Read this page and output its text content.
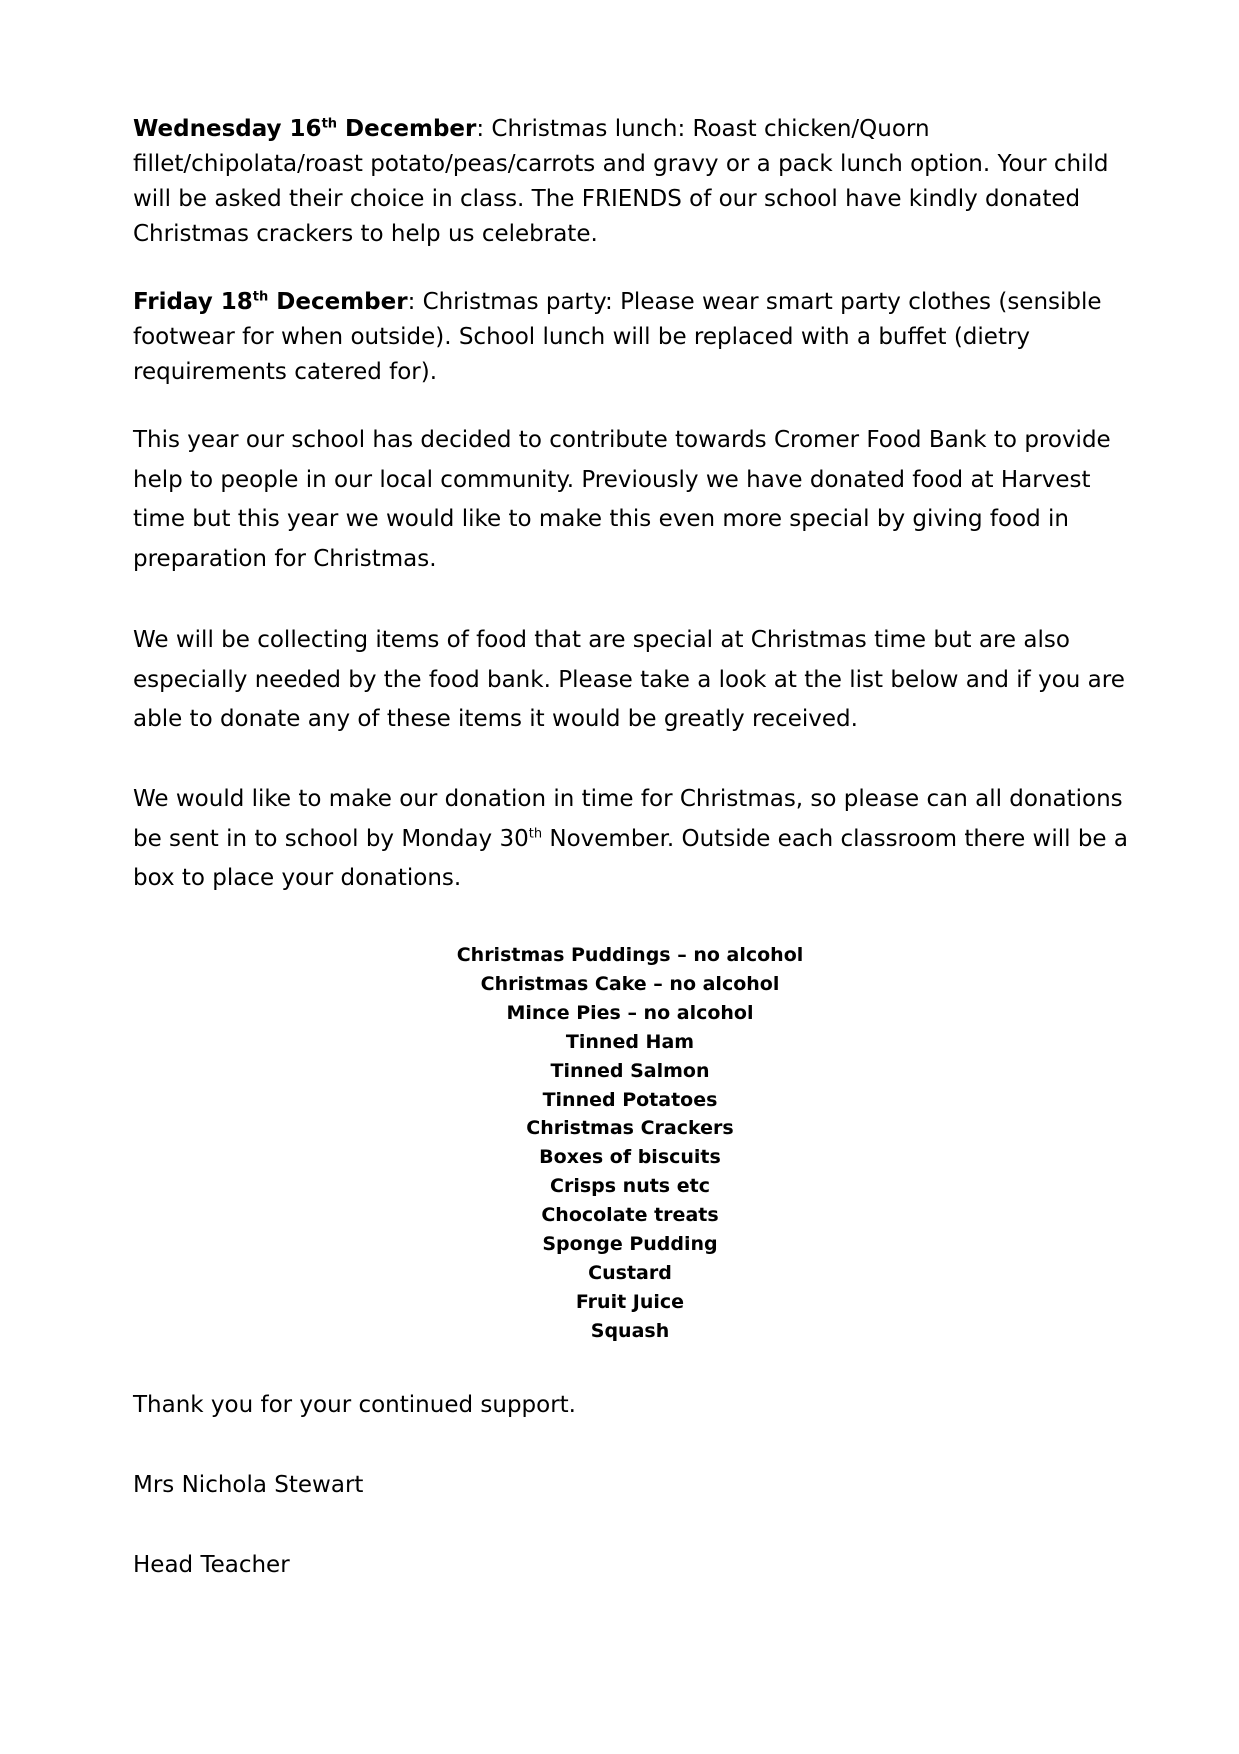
Wednesday 16th December: Christmas lunch: Roast chicken/Quorn fillet/chipolata/roast potato/peas/carrots and gravy or a pack lunch option. Your child will be asked their choice in class. The FRIENDS of our school have kindly donated Christmas crackers to help us celebrate.

Friday 18th December: Christmas party: Please wear smart party clothes (sensible footwear for when outside). School lunch will be replaced with a buffet (dietry requirements catered for).

This year our school has decided to contribute towards Cromer Food Bank to provide help to people in our local community. Previously we have donated food at Harvest time but this year we would like to make this even more special by giving food in preparation for Christmas.

We will be collecting items of food that are special at Christmas time but are also especially needed by the food bank. Please take a look at the list below and if you are able to donate any of these items it would be greatly received.

We would like to make our donation in time for Christmas, so please can all donations be sent in to school by Monday 30th November. Outside each classroom there will be a box to place your donations.

Christmas Puddings – no alcohol
Christmas Cake – no alcohol
Mince Pies – no alcohol
Tinned Ham
Tinned Salmon
Tinned Potatoes
Christmas Crackers
Boxes of biscuits
Crisps nuts etc
Chocolate treats
Sponge Pudding
Custard
Fruit Juice
Squash

Thank you for your continued support.

Mrs Nichola Stewart

Head Teacher
